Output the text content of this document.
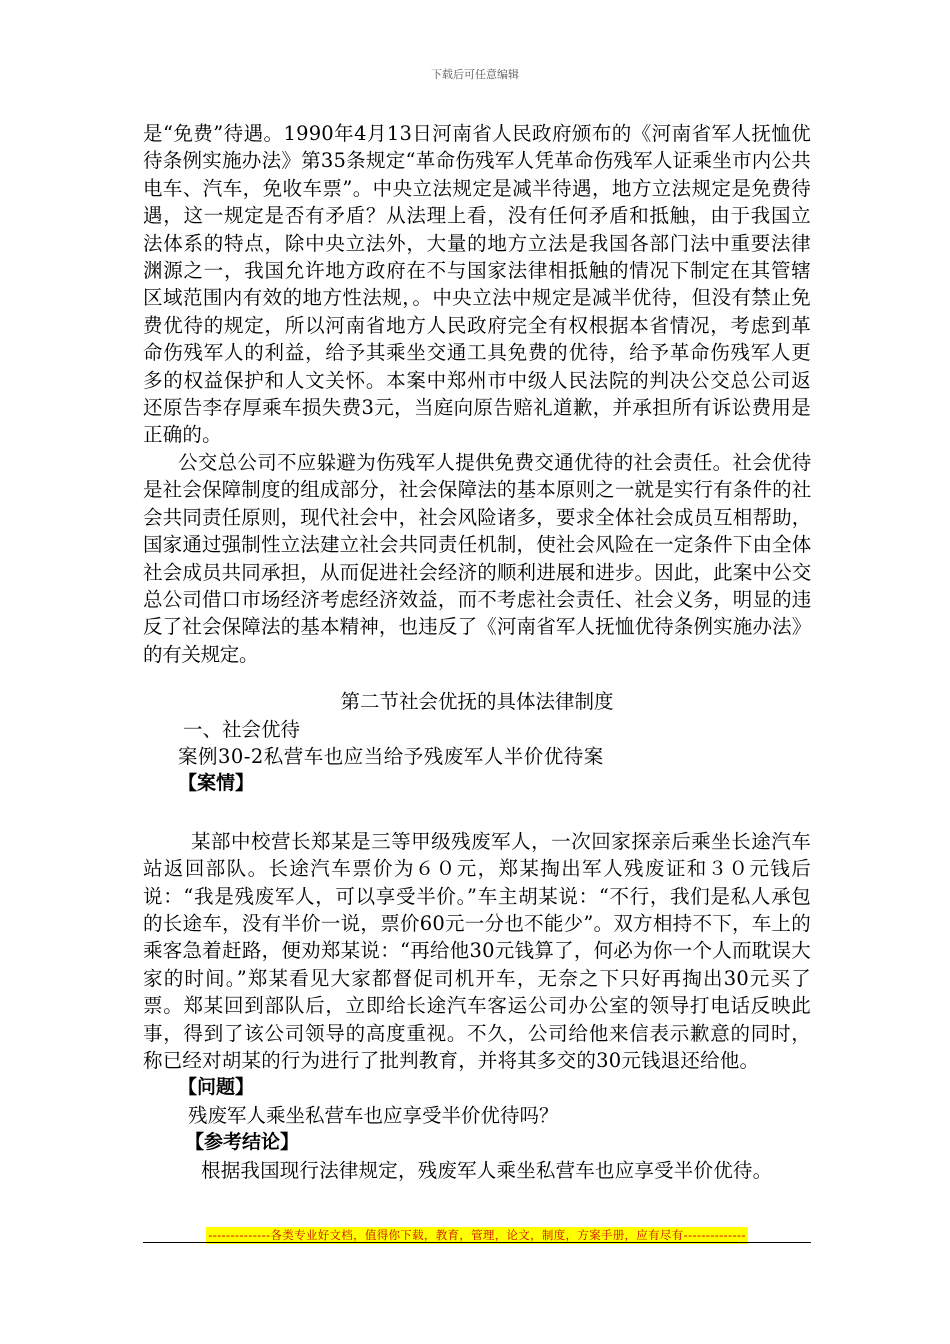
下载后可任意编辑

是“免费”待遇。1990年4月13日河南省人民政府颁布的《河南省军人抚恤优待条例实施办法》第35条规定“革命伤残军人凭革命伤残军人证乘坐市内公共电车、汽车，免收车票”。中央立法规定是减半待遇，地方立法规定是免费待遇，这一规定是否有矛盾？从法理上看，没有任何矛盾和抵触，由于我国立法体系的特点，除中央立法外，大量的地方立法是我国各部门法中重要法律渊源之一，我国允许地方政府在不与国家法律相抵触的情况下制定在其管辖区域范围内有效的地方性法规，。中央立法中规定是减半优待，但没有禁止免费优待的规定，所以河南省地方人民政府完全有权根据本省情况，考虑到革命伤残军人的利益，给予其乘坐交通工具免费的优待，给予革命伤残军人更多的权益保护和人文关怀。本案中郑州市中级人民法院的判决公交总公司返还原告李存厚乘车损失费3元，当庭向原告赔礼道歉，并承担所有诉讼费用是正确的。

公交总公司不应躲避为伤残军人提供免费交通优待的社会责任。社会优待是社会保障制度的组成部分，社会保障法的基本原则之一就是实行有条件的社会共同责任原则，现代社会中，社会风险诸多，要求全体社会成员互相帮助，国家通过强制性立法建立社会共同责任机制，使社会风险在一定条件下由全体社会成员共同承担，从而促进社会经济的顺利进展和进步。因此，此案中公交总公司借口市场经济考虑经济效益，而不考虑社会责任、社会义务，明显的违反了社会保障法的基本精神，也违反了《河南省军人抚恤优待条例实施办法》的有关规定。

第二节社会优抚的具体法律制度

一、社会优待

案例30-2私营车也应当给予残废军人半价优待案

【案情】

某部中校营长郑某是三等甲级残废军人，一次回家探亲后乘坐长途汽车站返回部队。长途汽车票价为６０元，郑某掏出军人残废证和３０元钱后说：“我是残废军人，可以享受半价。”车主胡某说：“不行，我们是私人承包的长途车，没有半价一说，票价60元一分也不能少”。双方相持不下，车上的乘客急着赶路，便劝郑某说：“再给他30元钱算了，何必为你一个人而耽误大家的时间。”郑某看见大家都督促司机开车，无奈之下只好再掏出30元买了票。郑某回到部队后，立即给长途汽车客运公司办公室的领导打电话反映此事，得到了该公司领导的高度重视。不久，公司给他来信表示歉意的同时，称已经对胡某的行为进行了批判教育，并将其多交的30元钱退还给他。

【问题】

残废军人乘坐私营车也应享受半价优待吗？

【参考结论】

根据我国现行法律规定，残废军人乘坐私营车也应享受半价优待。

--------------各类专业好文档，值得你下载，教育，管理，论文，制度，方案手册，应有尽有--------------
